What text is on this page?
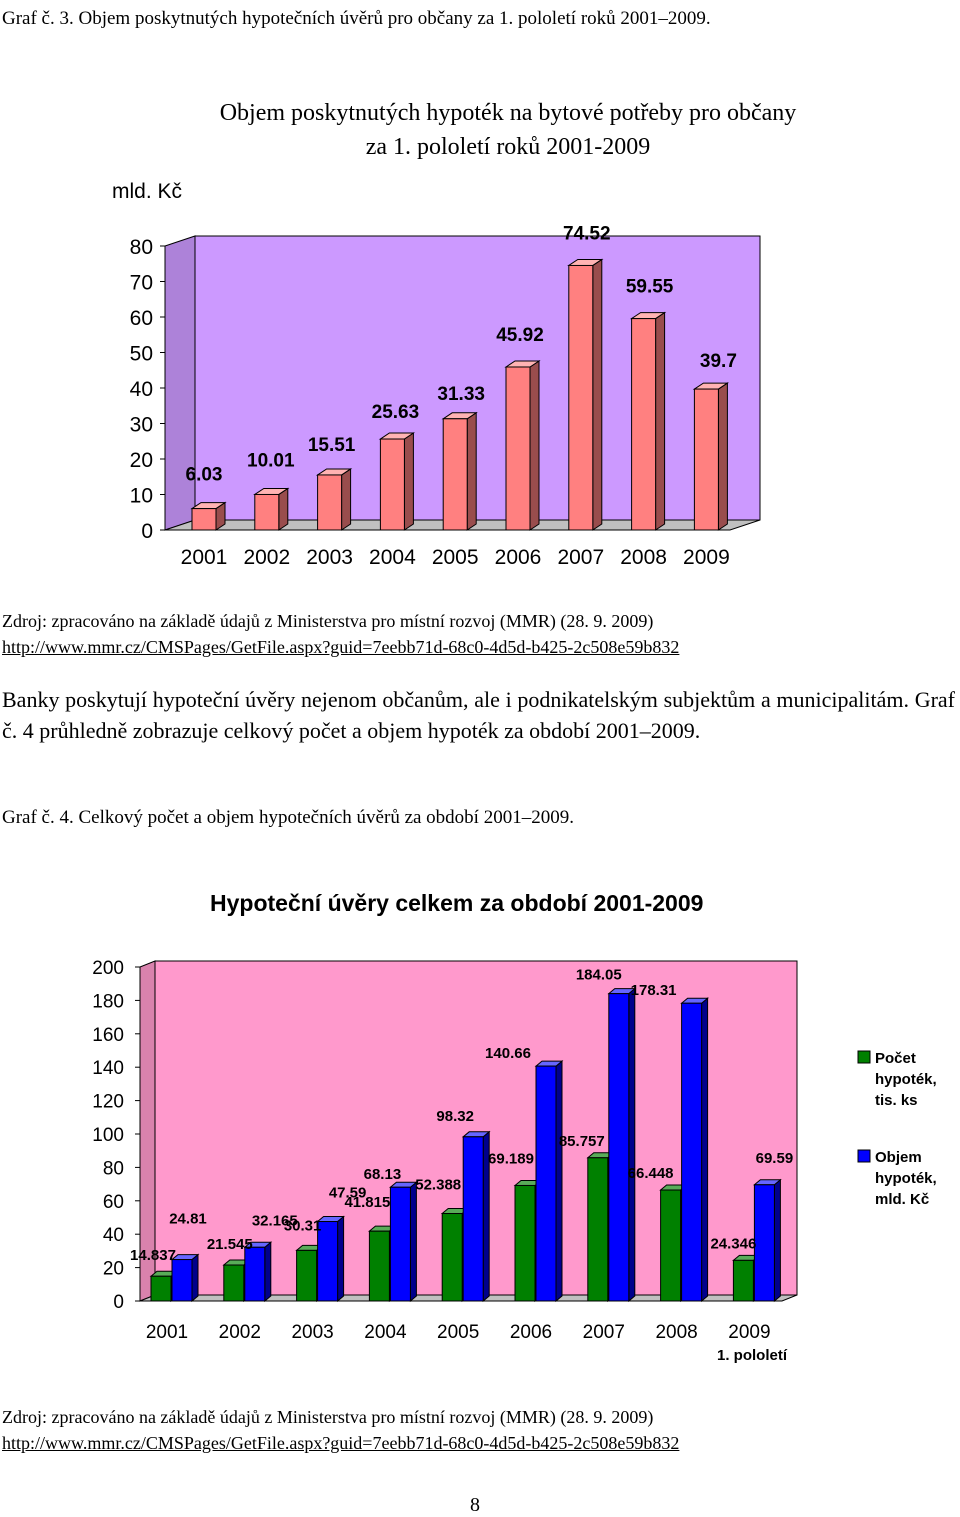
Graf č. 3. Objem poskytnutých hypotečních úvěrů pro občany za 1. pololetí roků 2001–2009.
Objem poskytnutých hypoték na bytové potřeby pro občany
za 1. pololetí roků 2001-2009
mld. Kč
0
10
20
30
40
50
60
70
80
6.03
10.01
15.51
25.63
31.33
45.92
74.52
59.55
39.7
2001 2002 2003 2004 2005 2006 2007 2008 2009
Zdroj: zpracováno na základě údajů z Ministerstva pro místní rozvoj (MMR) (28. 9. 2009)
http://www.mmr.cz/CMSPages/GetFile.aspx?guid=7eebb71d-68c0-4d5d-b425-2c508e59b832
Banky poskytují hypoteční úvěry nejenom občanům, ale i podnikatelským subjektům a municipalitám. Graf č. 4 průhledně zobrazuje celkový počet a objem hypoték za období 2001–2009.
Graf č. 4. Celkový počet a objem hypotečních úvěrů za období 2001–2009.
Hypoteční úvěry celkem za období 2001-2009
0
20
40
60
80
100
120
140
160
180
200
14.837
24.81
21.545
32.165
30.31
47.59
41.815
68.13
52.388
98.32
69.189
140.66
85.757
184.05
66.448
178.31
24.346
69.59
2001 2002 2003 2004 2005 2006 2007 2008 2009
1. pololetí
Počet
hypoték,
tis. ks
Objem
hypoték,
mld. Kč
Zdroj: zpracováno na základě údajů z Ministerstva pro místní rozvoj (MMR) (28. 9. 2009)
http://www.mmr.cz/CMSPages/GetFile.aspx?guid=7eebb71d-68c0-4d5d-b425-2c508e59b832
8
